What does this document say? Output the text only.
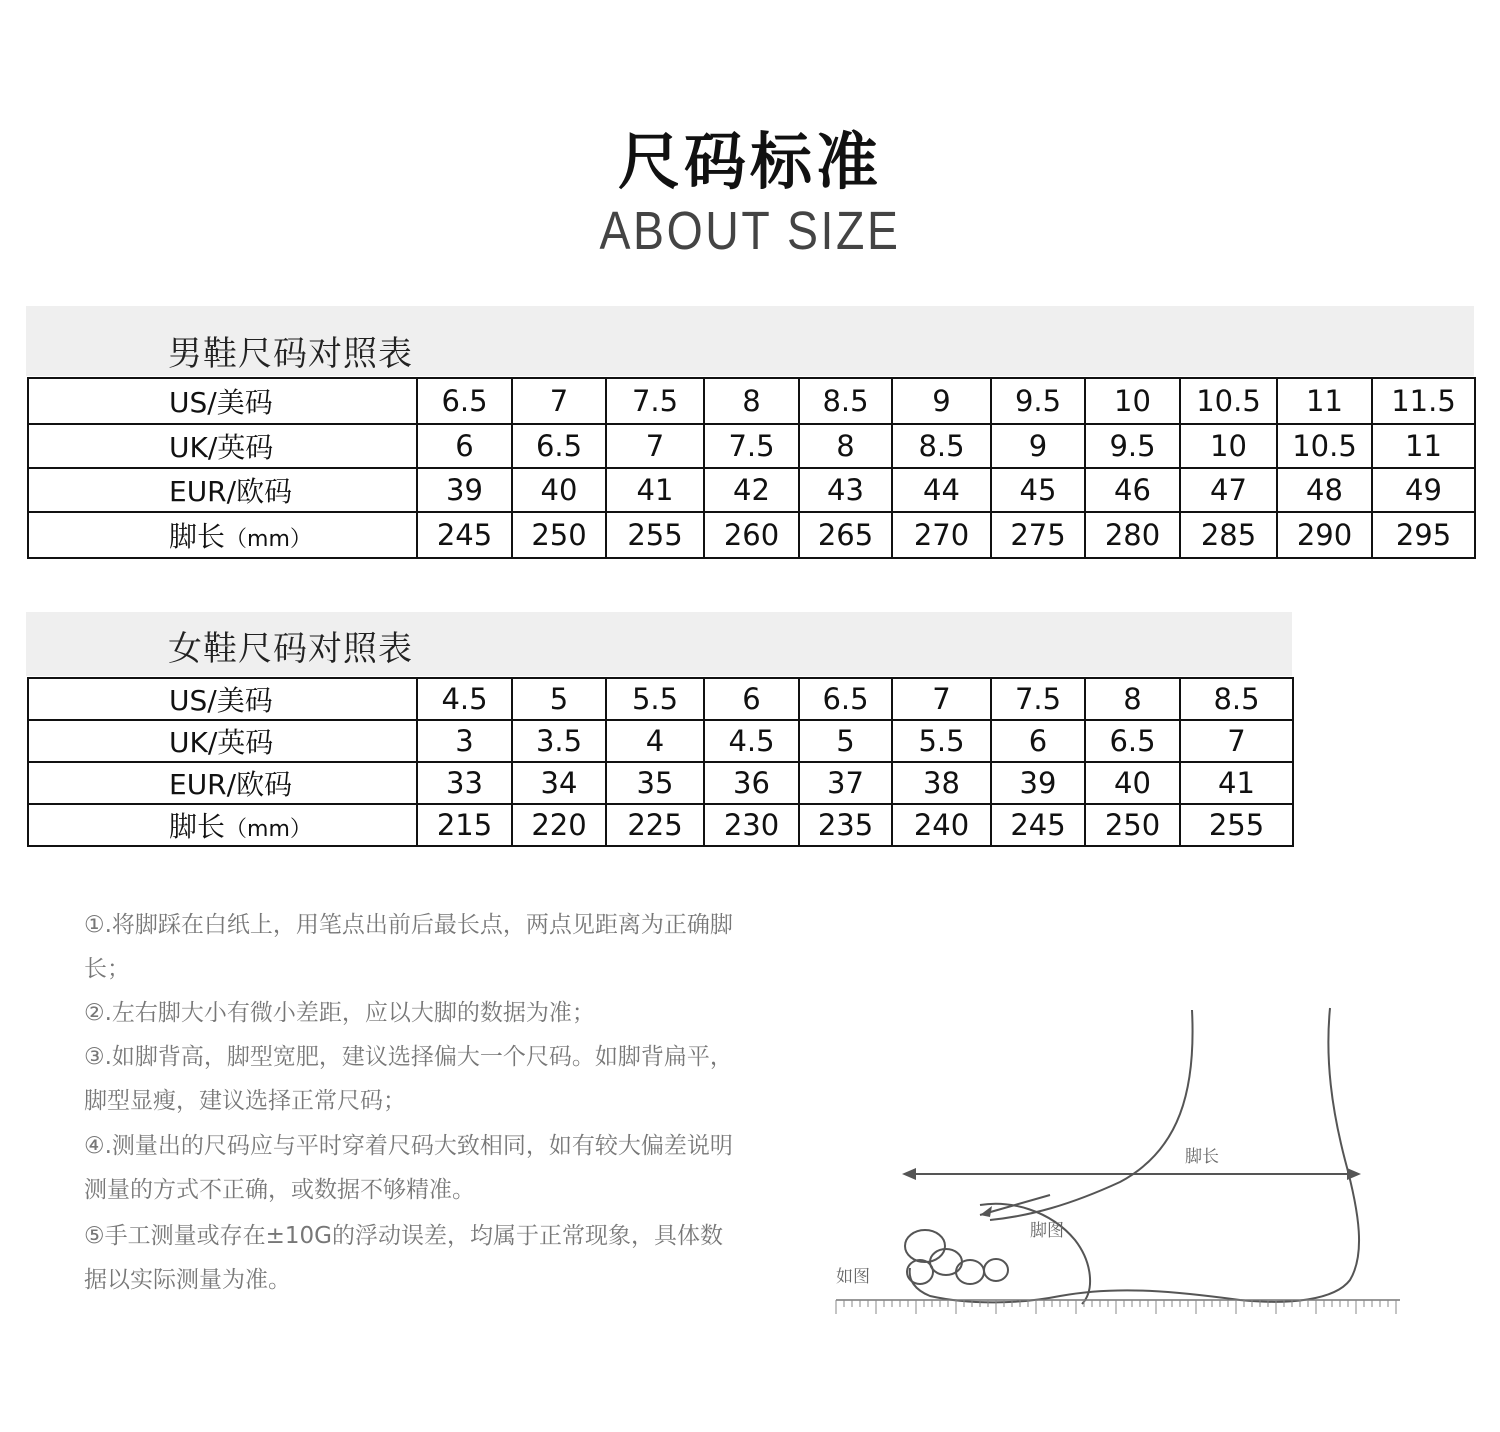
尺码标准
ABOUT SIZE
男鞋尺码对照表
US/美码	6.5	7	7.5	8	8.5	9	9.5	10	10.5	11	11.5
UK/英码	6	6.5	7	7.5	8	8.5	9	9.5	10	10.5	11
EUR/欧码	39	40	41	42	43	44	45	46	47	48	49
脚长（mm）	245	250	255	260	265	270	275	280	285	290	295
女鞋尺码对照表
US/美码	4.5	5	5.5	6	6.5	7	7.5	8	8.5
UK/英码	3	3.5	4	4.5	5	5.5	6	6.5	7
EUR/欧码	33	34	35	36	37	38	39	40	41
脚长（mm）	215	220	225	230	235	240	245	250	255
①.将脚踩在白纸上，用笔点出前后最长点，两点见距离为正确脚长；
②.左右脚大小有微小差距，应以大脚的数据为准；
③.如脚背高，脚型宽肥，建议选择偏大一个尺码。如脚背扁平，脚型显瘦，建议选择正常尺码；
④.测量出的尺码应与平时穿着尺码大致相同，如有较大偏差说明测量的方式不正确，或数据不够精准。
⑤手工测量或存在±10G的浮动误差，均属于正常现象，具体数据以实际测量为准。
脚长
脚图
如图
